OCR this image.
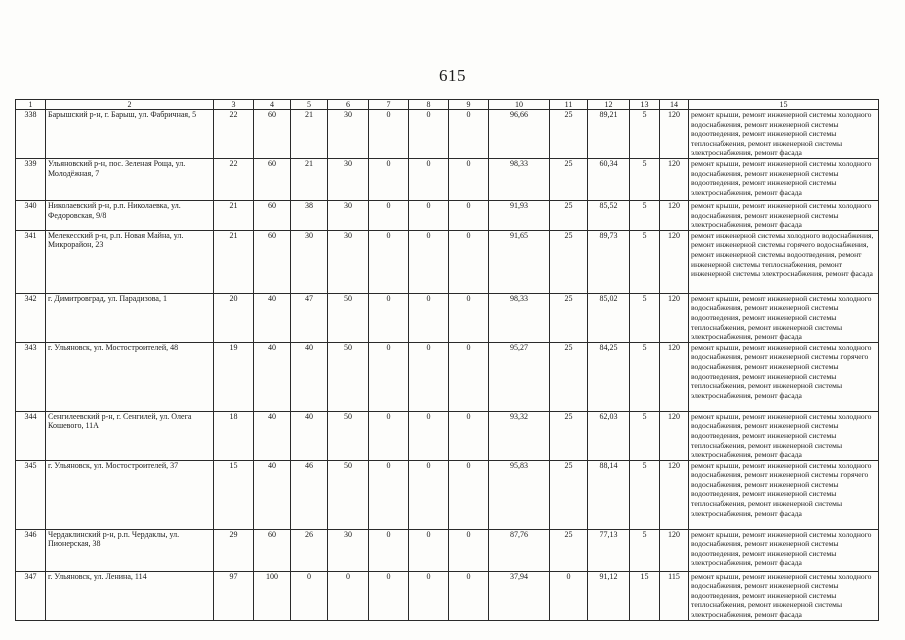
615
1	2	3	4	5	6	7	8	9	10	11	12	13	14	15
338	Барышский р-н, г. Барыш, ул. Фабричная, 5	22	60	21	30	0	0	0	96,66	25	89,21	5	120	ремонт крыши, ремонт инженерной системы холодного водоснабжения, ремонт инженерной системы водоотведения, ремонт инженерной системы теплоснабжения, ремонт инженерной системы электроснабжения, ремонт фасада
339	Ульяновский р-н, пос. Зеленая Роща, ул. Молодёжная, 7	22	60	21	30	0	0	0	98,33	25	60,34	5	120	ремонт крыши, ремонт инженерной системы холодного водоснабжения, ремонт инженерной системы водоотведения, ремонт инженерной системы электроснабжения, ремонт фасада
340	Николаевский р-н, р.п. Николаевка, ул. Федоровская, 9/8	21	60	38	30	0	0	0	91,93	25	85,52	5	120	ремонт крыши, ремонт инженерной системы холодного водоснабжения, ремонт инженерной системы электроснабжения, ремонт фасада
341	Мелекесский р-н, р.п. Новая Майна, ул. Микрорайон, 23	21	60	30	30	0	0	0	91,65	25	89,73	5	120	ремонт инженерной системы холодного водоснабжения, ремонт инженерной системы горячего водоснабжения, ремонт инженерной системы водоотведения, ремонт инженерной системы теплоснабжения, ремонт инженерной системы электроснабжения, ремонт фасада
342	г. Димитровград, ул. Парадизова, 1	20	40	47	50	0	0	0	98,33	25	85,02	5	120	ремонт крыши, ремонт инженерной системы холодного водоснабжения, ремонт инженерной системы водоотведения, ремонт инженерной системы теплоснабжения, ремонт инженерной системы электроснабжения, ремонт фасада
343	г. Ульяновск, ул. Мостостроителей, 48	19	40	40	50	0	0	0	95,27	25	84,25	5	120	ремонт крыши, ремонт инженерной системы холодного водоснабжения, ремонт инженерной системы горячего водоснабжения, ремонт инженерной системы водоотведения, ремонт инженерной системы теплоснабжения, ремонт инженерной системы электроснабжения, ремонт фасада
344	Сенгилеевский р-н, г. Сенгилей, ул. Олега Кошевого, 11А	18	40	40	50	0	0	0	93,32	25	62,03	5	120	ремонт крыши, ремонт инженерной системы холодного водоснабжения, ремонт инженерной системы водоотведения, ремонт инженерной системы теплоснабжения, ремонт инженерной системы электроснабжения, ремонт фасада
345	г. Ульяновск, ул. Мостостроителей, 37	15	40	46	50	0	0	0	95,83	25	88,14	5	120	ремонт крыши, ремонт инженерной системы холодного водоснабжения, ремонт инженерной системы горячего водоснабжения, ремонт инженерной системы водоотведения, ремонт инженерной системы теплоснабжения, ремонт инженерной системы электроснабжения, ремонт фасада
346	Чердаклинский р-н, р.п. Чердаклы, ул. Пионерская, 38	29	60	26	30	0	0	0	87,76	25	77,13	5	120	ремонт крыши, ремонт инженерной системы холодного водоснабжения, ремонт инженерной системы водоотведения, ремонт инженерной системы электроснабжения, ремонт фасада
347	г. Ульяновск, ул. Ленина, 114	97	100	0	0	0	0	0	37,94	0	91,12	15	115	ремонт крыши, ремонт инженерной системы холодного водоснабжения, ремонт инженерной системы водоотведения, ремонт инженерной системы теплоснабжения, ремонт инженерной системы электроснабжения, ремонт фасада
